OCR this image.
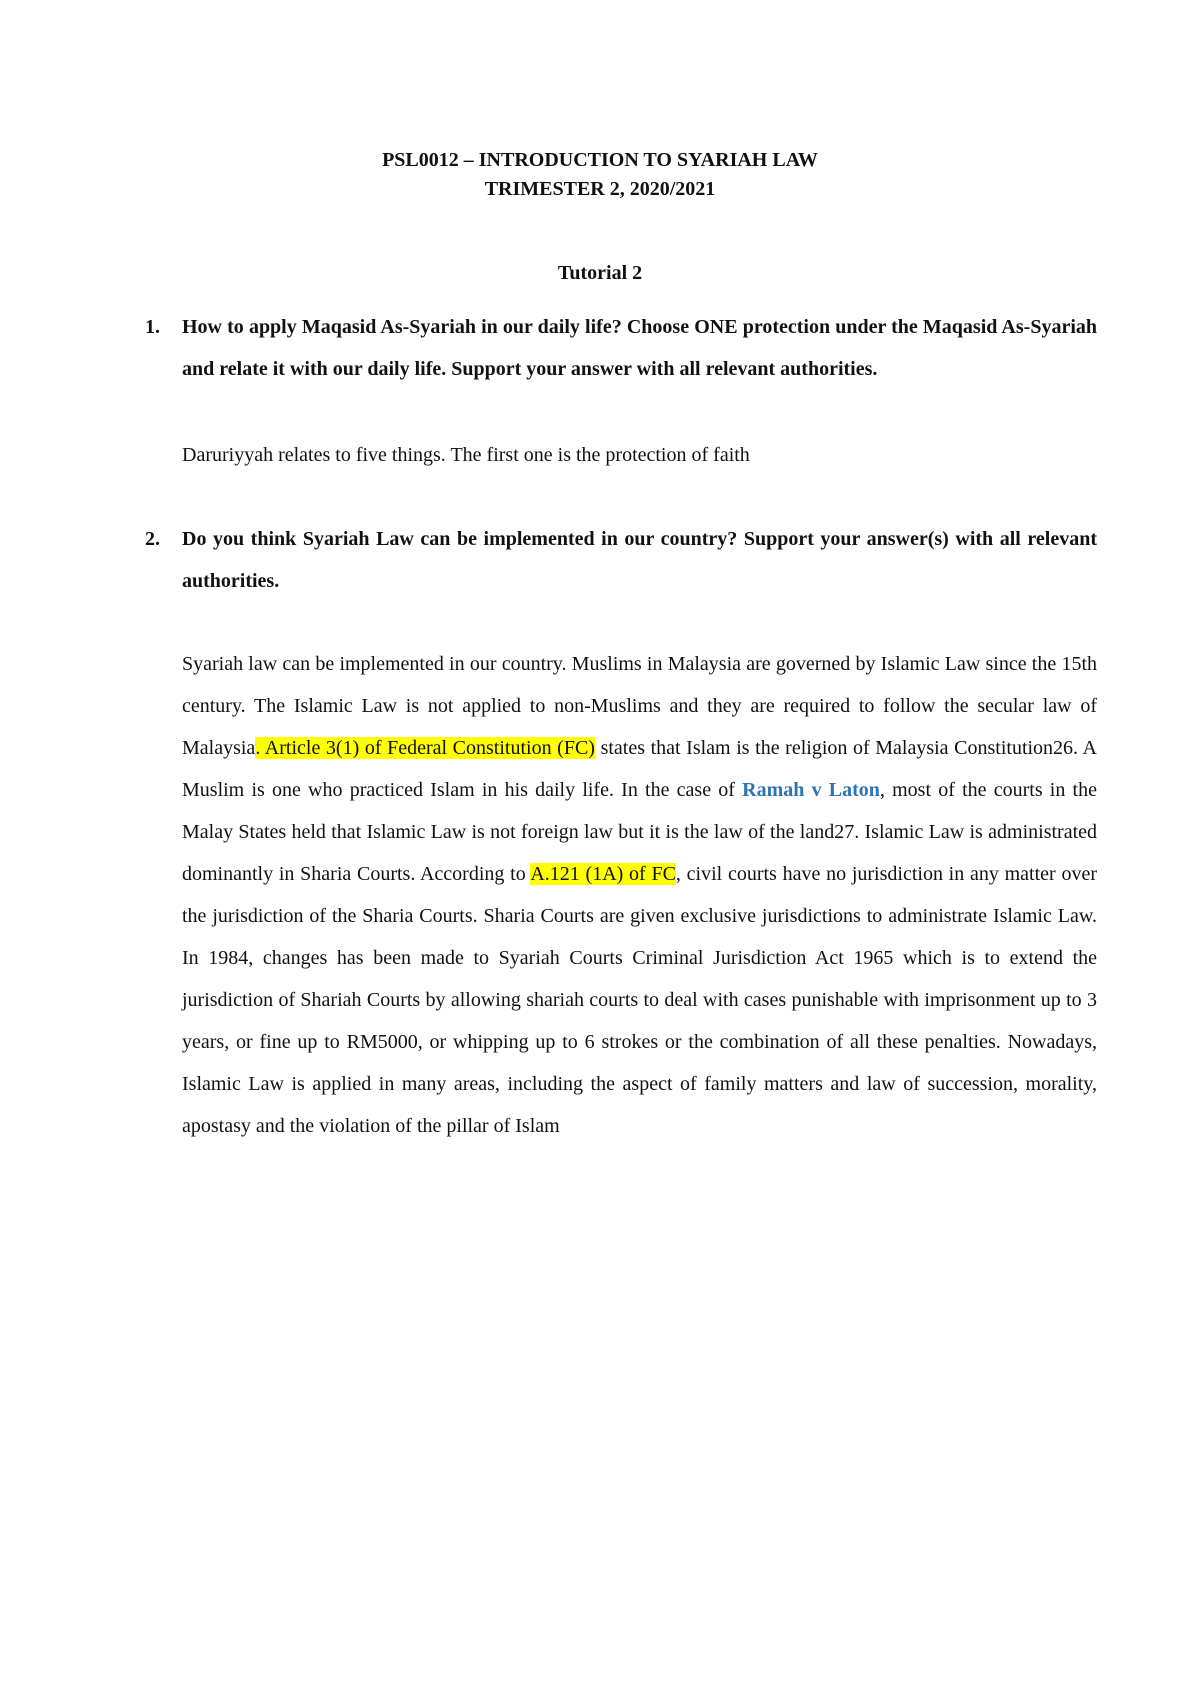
PSL0012 – INTRODUCTION TO SYARIAH LAW
TRIMESTER 2, 2020/2021
Tutorial 2
1. How to apply Maqasid As-Syariah in our daily life? Choose ONE protection under the Maqasid As-Syariah and relate it with our daily life. Support your answer with all relevant authorities.
Daruriyyah relates to five things. The first one is the protection of faith
2. Do you think Syariah Law can be implemented in our country? Support your answer(s) with all relevant authorities.
Syariah law can be implemented in our country. Muslims in Malaysia are governed by Islamic Law since the 15th century. The Islamic Law is not applied to non-Muslims and they are required to follow the secular law of Malaysia. Article 3(1) of Federal Constitution (FC) states that Islam is the religion of Malaysia Constitution26. A Muslim is one who practiced Islam in his daily life. In the case of Ramah v Laton, most of the courts in the Malay States held that Islamic Law is not foreign law but it is the law of the land27. Islamic Law is administrated dominantly in Sharia Courts. According to A.121 (1A) of FC, civil courts have no jurisdiction in any matter over the jurisdiction of the Sharia Courts. Sharia Courts are given exclusive jurisdictions to administrate Islamic Law. In 1984, changes has been made to Syariah Courts Criminal Jurisdiction Act 1965 which is to extend the jurisdiction of Shariah Courts by allowing shariah courts to deal with cases punishable with imprisonment up to 3 years, or fine up to RM5000, or whipping up to 6 strokes or the combination of all these penalties. Nowadays, Islamic Law is applied in many areas, including the aspect of family matters and law of succession, morality, apostasy and the violation of the pillar of Islam
